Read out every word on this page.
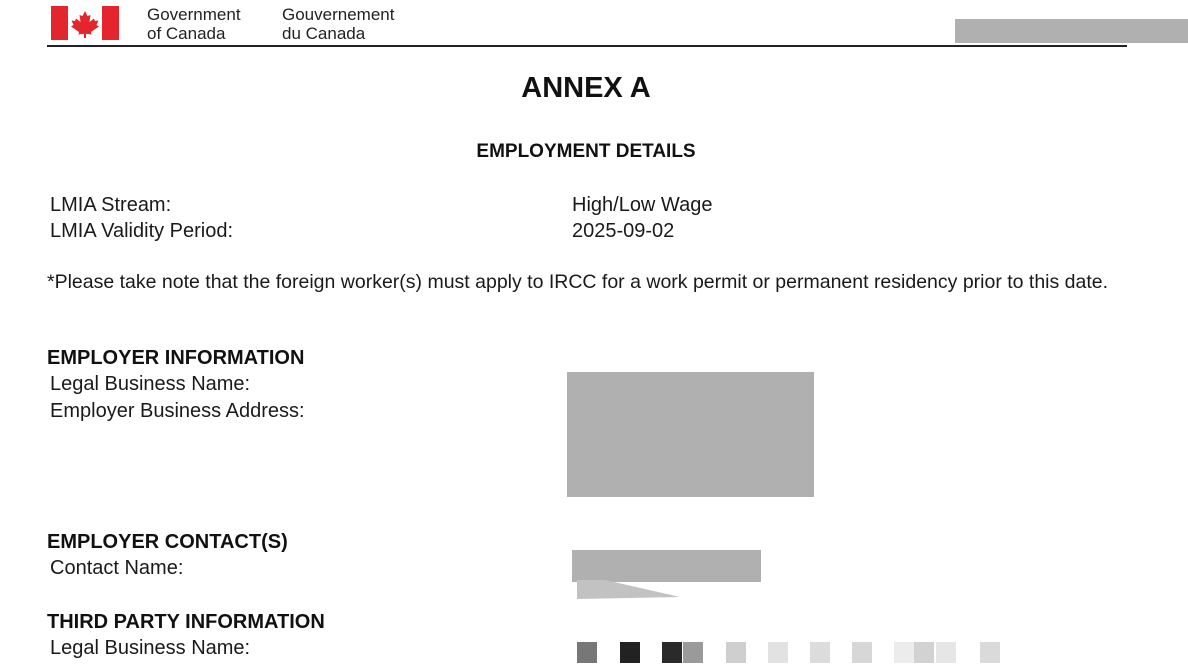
Government
of Canada
Gouvernement
du Canada
ANNEX A
EMPLOYMENT DETAILS
LMIA Stream:	High/Low Wage
LMIA Validity Period:	2025-09-02
*Please take note that the foreign worker(s) must apply to IRCC for a work permit or permanent residency prior to this date.
EMPLOYER INFORMATION
Legal Business Name:
Employer Business Address:
EMPLOYER CONTACT(S)
Contact Name:
THIRD PARTY INFORMATION
Legal Business Name:
